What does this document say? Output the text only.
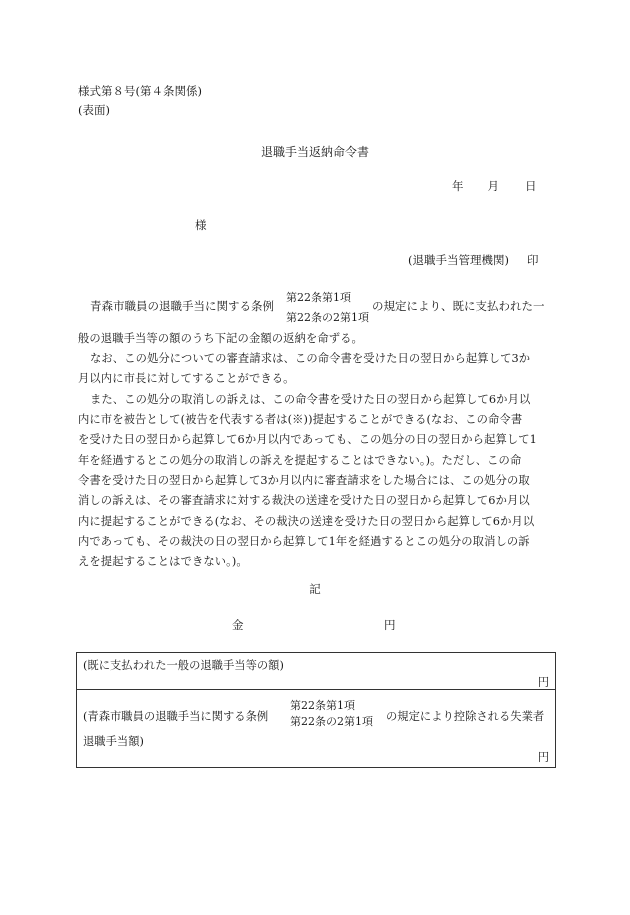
様式第８号(第４条関係)
(表面)
退職手当返納命令書
年 月 日
様
(退職手当管理機関) 印
青森市職員の退職手当に関する条例
第22条第1項
第22条の2第1項
の規定により、既に支払われた一
般の退職手当等の額のうち下記の金額の返納を命ずる。
なお、この処分についての審査請求は、この命令書を受けた日の翌日から起算して3か
月以内に市長に対してすることができる。
また、この処分の取消しの訴えは、この命令書を受けた日の翌日から起算して6か月以
内に市を被告として(被告を代表する者は(※))提起することができる(なお、この命令書
を受けた日の翌日から起算して6か月以内であっても、この処分の日の翌日から起算して1
年を経過するとこの処分の取消しの訴えを提起することはできない。)。ただし、この命
令書を受けた日の翌日から起算して3か月以内に審査請求をした場合には、この処分の取
消しの訴えは、その審査請求に対する裁決の送達を受けた日の翌日から起算して6か月以
内に提起することができる(なお、その裁決の送達を受けた日の翌日から起算して6か月以
内であっても、その裁決の日の翌日から起算して1年を経過するとこの処分の取消しの訴
えを提起することはできない。)。
記
金	円
(既に支払われた一般の退職手当等の額)
円
(青森市職員の退職手当に関する条例
第22条第1項
第22条の2第1項 の規定により控除される失業者
退職手当額)
円
